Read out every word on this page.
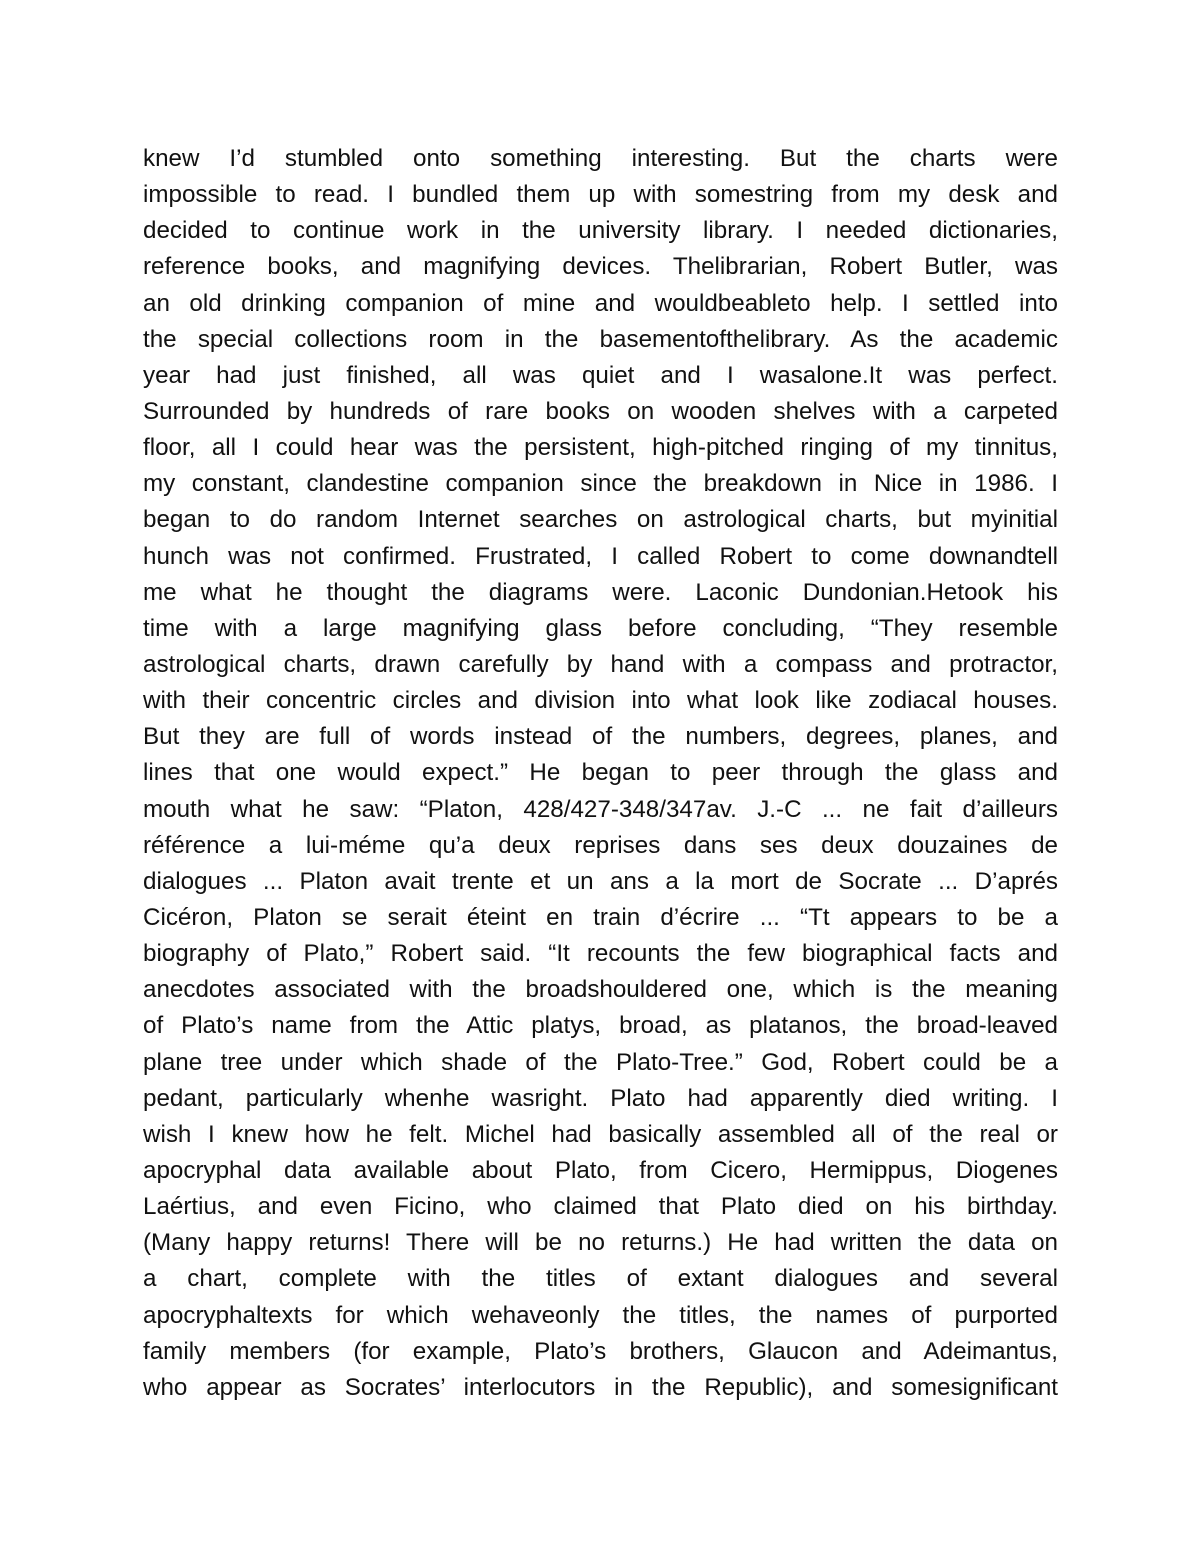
knew I’d stumbled onto something interesting. But the charts were
impossible to read. I bundled them up with somestring from my desk and
decided to continue work in the university library. I needed dictionaries,
reference books, and magnifying devices. Thelibrarian, Robert Butler, was
an old drinking companion of mine and wouldbeableto help. I settled into
the special collections room in the basementofthelibrary. As the academic
year had just finished, all was quiet and I wasalone.It was perfect.
Surrounded by hundreds of rare books on wooden shelves with a carpeted
floor, all I could hear was the persistent, high-pitched ringing of my tinnitus,
my constant, clandestine companion since the breakdown in Nice in 1986. I
began to do random Internet searches on astrological charts, but myinitial
hunch was not confirmed. Frustrated, I called Robert to come downandtell
me what he thought the diagrams were. Laconic Dundonian.Hetook his
time with a large magnifying glass before concluding, “They resemble
astrological charts, drawn carefully by hand with a compass and protractor,
with their concentric circles and division into what look like zodiacal houses.
But they are full of words instead of the numbers, degrees, planes, and
lines that one would expect.” He began to peer through the glass and
mouth what he saw: “Platon, 428/427-348/347av. J.-C ... ne fait d’ailleurs
référence a lui-méme qu’a deux reprises dans ses deux douzaines de
dialogues ... Platon avait trente et un ans a la mort de Socrate ... D’aprés
Cicéron, Platon se serait éteint en train d’écrire ... “Tt appears to be a
biography of Plato,” Robert said. “It recounts the few biographical facts and
anecdotes associated with the broadshouldered one, which is the meaning
of Plato’s name from the Attic platys, broad, as platanos, the broad-leaved
plane tree under which shade of the Plato-Tree.” God, Robert could be a
pedant, particularly whenhe wasright. Plato had apparently died writing. I
wish I knew how he felt. Michel had basically assembled all of the real or
apocryphal data available about Plato, from Cicero, Hermippus, Diogenes
Laértius, and even Ficino, who claimed that Plato died on his birthday.
(Many happy returns! There will be no returns.) He had written the data on
a chart, complete with the titles of extant dialogues and several
apocryphaltexts for which wehaveonly the titles, the names of purported
family members (for example, Plato’s brothers, Glaucon and Adeimantus,
who appear as Socrates’ interlocutors in the Republic), and somesignificant
